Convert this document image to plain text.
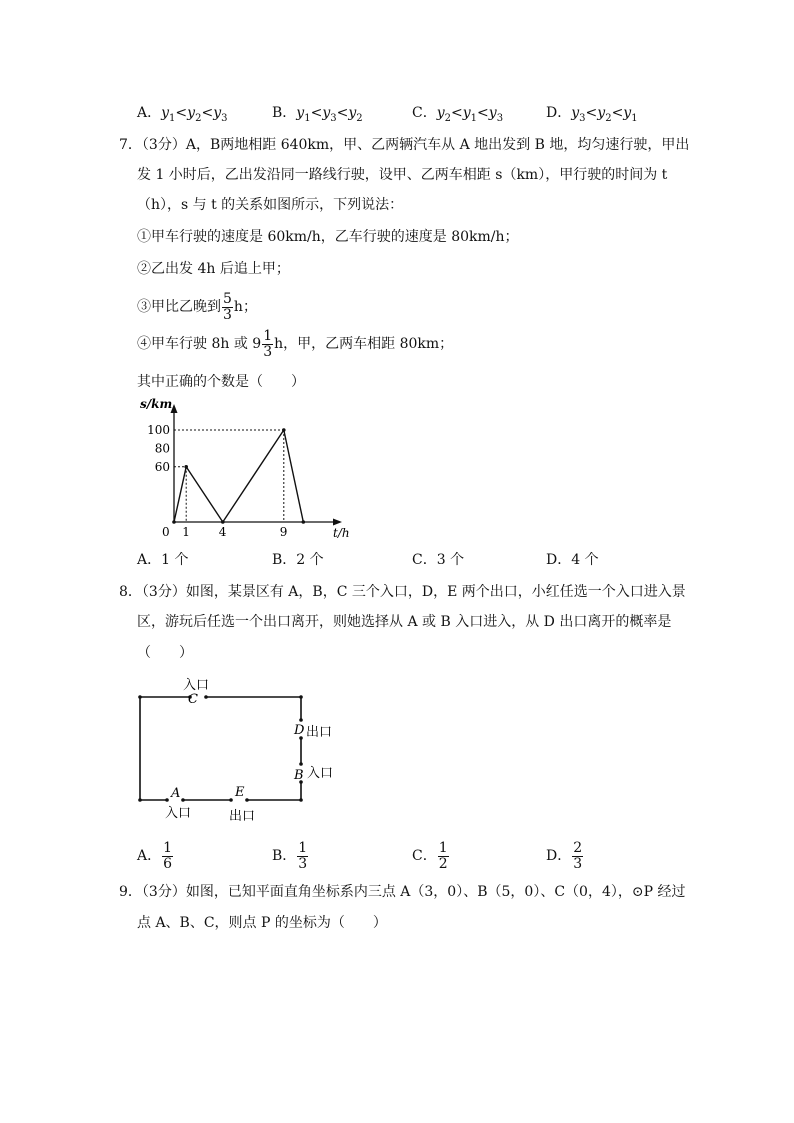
A．$y_1<y_2<y_3$	B．$y_1<y_3<y_2$	C．$y_2<y_1<y_3$	D．$y_3<y_2<y_1$
7．（3分）A，B两地相距 640km，甲、乙两辆汽车从 A 地出发到 B 地，均匀速行驶，甲出
发 1 小时后，乙出发沿同一路线行驶，设甲、乙两车相距 s（km），甲行驶的时间为 t
（h），s 与 t 的关系如图所示，下列说法：
①甲车行驶的速度是 60km/h，乙车行驶的速度是 80km/h；
②乙出发 4h 后追上甲；
③甲比乙晚到 $\frac{5}{3}$ h；
④甲车行驶 8h 或 $9 \frac{1}{3}$ h，甲，乙两车相距 80km；
其中正确的个数是（　　）
s/km
t/h
0 1 4	9
60
80
100
A．1 个	B．2 个	C．3 个	D．4 个
8．（3分）如图，某景区有 A，B，C 三个入口，D，E 两个出口，小红任选一个入口进入景
区，游玩后任选一个出口离开，则她选择从 A 或 B 入口进入，从 D 出口离开的概率是
（　　）
入口
C
D 出口
B 入口
A
入口
E
出口
A． $\frac{1}{6}$	B． $\frac{1}{3}$	C． $\frac{1}{2}$	D． $\frac{2}{3}$
9．（3分）如图，已知平面直角坐标系内三点 A（3，0）、B（5，0）、C（0，4），⊙P 经过
点 A、B、C，则点 P 的坐标为（　　）
